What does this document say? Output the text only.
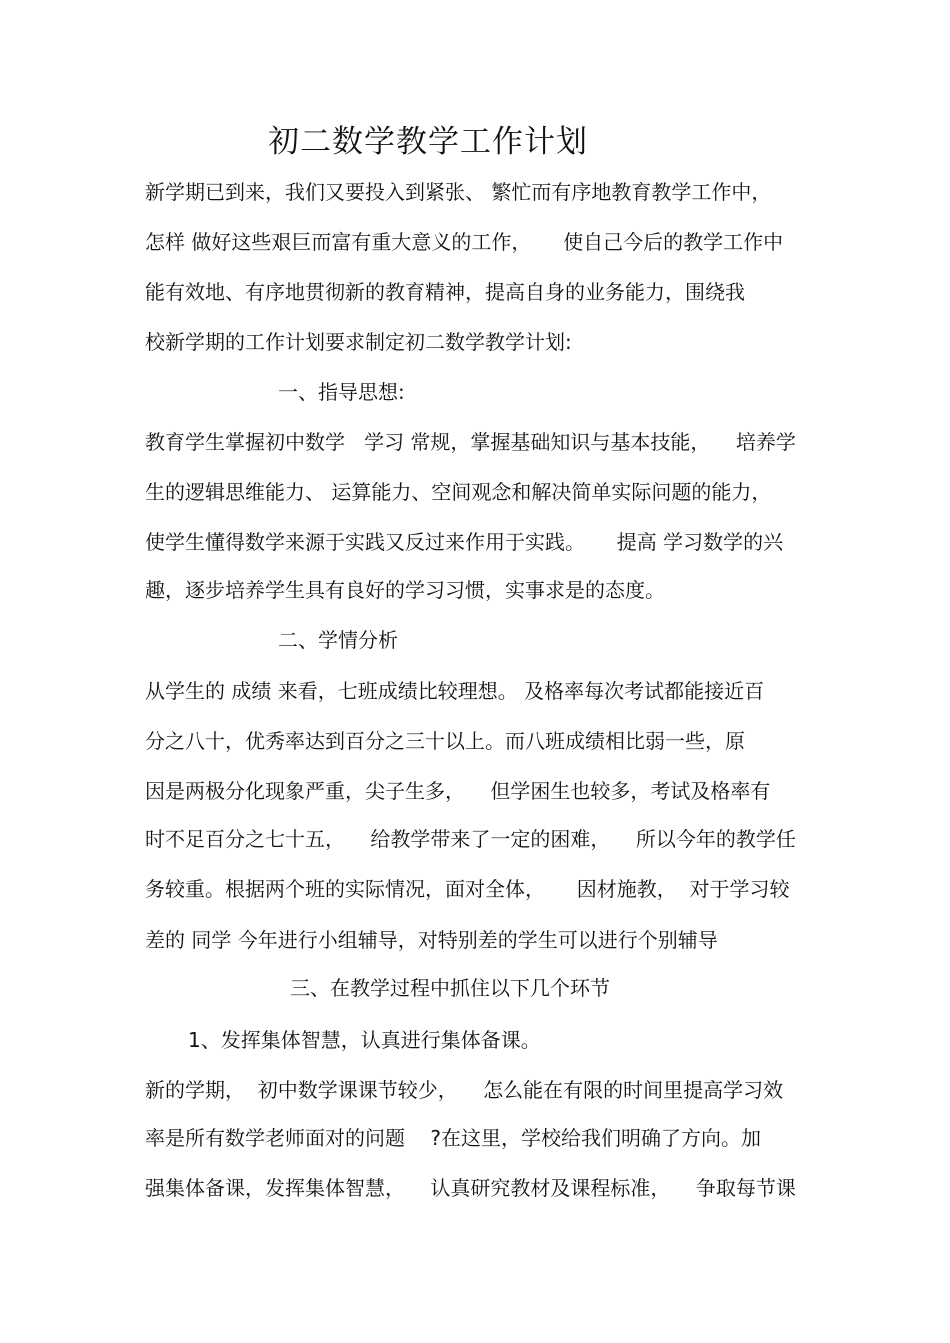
初二数学教学工作计划
新学期已到来，我们又要投入到紧张、 繁忙而有序地教育教学工作中，
怎样 做好这些艰巨而富有重大意义的工作，     使自己今后的教学工作中
能有效地、有序地贯彻新的教育精神，提高自身的业务能力，围绕我
校新学期的工作计划要求制定初二数学教学计划:
一、指导思想:
教育学生掌握初中数学   学习 常规，掌握基础知识与基本技能，    培养学
生的逻辑思维能力、 运算能力、空间观念和解决简单实际问题的能力，
使学生懂得数学来源于实践又反过来作用于实践。     提高 学习数学的兴
趣，逐步培养学生具有良好的学习习惯，实事求是的态度。
二、学情分析
从学生的 成绩 来看，七班成绩比较理想。 及格率每次考试都能接近百
分之八十，优秀率达到百分之三十以上。而八班成绩相比弱一些，原
因是两极分化现象严重，尖子生多，    但学困生也较多，考试及格率有
时不足百分之七十五，    给教学带来了一定的困难，    所以今年的教学任
务较重。根据两个班的实际情况，面对全体，     因材施教，  对于学习较
差的 同学 今年进行小组辅导，对特别差的学生可以进行个别辅导
三、在教学过程中抓住以下几个环节
1、发挥集体智慧，认真进行集体备课。
新的学期，  初中数学课课节较少，    怎么能在有限的时间里提高学习效
率是所有数学老师面对的问题    ?在这里，学校给我们明确了方向。加
强集体备课，发挥集体智慧，    认真研究教材及课程标准，    争取每节课
